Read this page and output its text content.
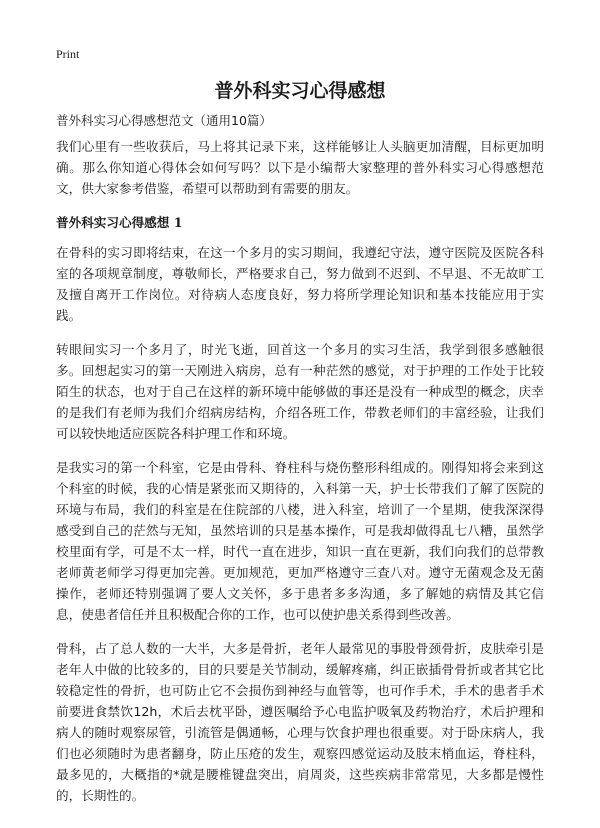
Print
普外科实习心得感想
普外科实习心得感想范文（通用10篇）

我们心里有一些收获后，马上将其记录下来，这样能够让人头脑更加清醒，目标更加明确。那么你知道心得体会如何写吗？以下是小编帮大家整理的普外科实习心得感想范文，供大家参考借鉴，希望可以帮助到有需要的朋友。

普外科实习心得感想 1

在骨科的实习即将结束，在这一个多月的实习期间，我遵纪守法，遵守医院及医院各科室的各项规章制度，尊敬师长，严格要求自己，努力做到不迟到、不早退、不无故旷工及擅自离开工作岗位。对待病人态度良好，努力将所学理论知识和基本技能应用于实践。

转眼间实习一个多月了，时光飞逝，回首这一个多月的实习生活，我学到很多感触很多。回想起实习的第一天刚进入病房，总有一种茫然的感觉，对于护理的工作处于比较陌生的状态，也对于自己在这样的新环境中能够做的事还是没有一种成型的概念，庆幸的是我们有老师为我们介绍病房结构，介绍各班工作，带教老师们的丰富经验，让我们可以较快地适应医院各科护理工作和环境。

是我实习的第一个科室，它是由骨科、脊柱科与烧伤整形科组成的。刚得知将会来到这个科室的时候，我的心情是紧张而又期待的，入科第一天，护士长带我们了解了医院的环境与布局，我们的科室是在住院部的八楼，进入科室，培训了一个星期，使我深深得感受到自己的茫然与无知，虽然培训的只是基本操作，可是我却做得乱七八糟，虽然学校里面有学，可是不太一样，时代一直在进步，知识一直在更新，我们向我们的总带教老师黄老师学习得更加完善。更加规范，更加严格遵守三查八对。遵守无菌观念及无菌操作，老师还特别强调了要人文关怀，多于患者多多沟通，多了解她的病情及其它信息，使患者信任并且积极配合你的工作，也可以使护患关系得到些改善。

骨科，占了总人数的一大半，大多是骨折，老年人最常见的事股骨颈骨折，皮肤牵引是老年人中做的比较多的，目的只要是关节制动，缓解疼痛，纠正嵌插骨骨折或者其它比较稳定性的骨折，也可防止它不会损伤到神经与血管等，也可作手术，手术的患者手术前要进食禁饮12h，术后去枕平卧，遵医嘱给予心电监护吸氧及药物治疗，术后护理和病人的随时观察尿管，引流管是偶通畅，心理与饮食护理也很重要。对于卧床病人，我们也必须随时为患者翻身，防止压疮的发生，观察四感觉运动及肢末梢血运，脊柱科，最多见的，大概指的*就是腰椎键盘突出，肩周炎，这些疾病非常常见，大多都是慢性的，长期性的。
